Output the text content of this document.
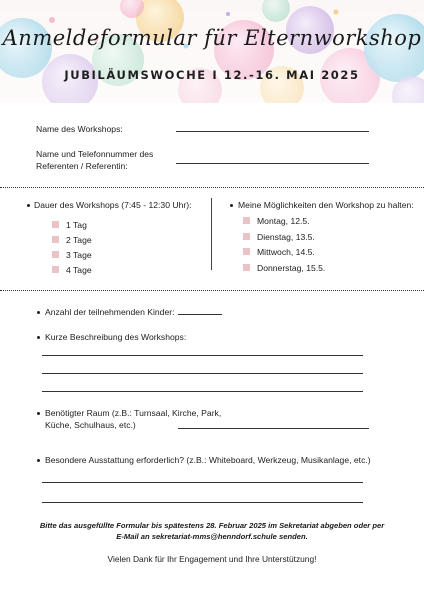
Anmeldeformular für Elternworkshop
JUBILÄUMSWOCHE I 12.-16. MAI 2025
Name des Workshops:
Name und Telefonnummer des
Referenten / Referentin:
Dauer des Workshops (7:45 - 12:30 Uhr):
1 Tag
2 Tage
3 Tage
4 Tage
Meine Möglichkeiten den Workshop zu halten:
Montag, 12.5.
Dienstag, 13.5.
Mittwoch, 14.5.
Donnerstag, 15.5.
Anzahl der teilnehmenden Kinder:
Kurze Beschreibung des Workshops:
Benötigter Raum (z.B.: Turnsaal, Kirche, Park,
Küche, Schulhaus, etc.)
Besondere Ausstattung erforderlich? (z.B.: Whiteboard, Werkzeug, Musikanlage, etc.)
Bitte das ausgefüllte Formular bis spätestens 28. Februar 2025 im Sekretariat abgeben oder per
E-Mail an sekretariat-mms@henndorf.schule senden.
Vielen Dank für Ihr Engagement und Ihre Unterstützung!
